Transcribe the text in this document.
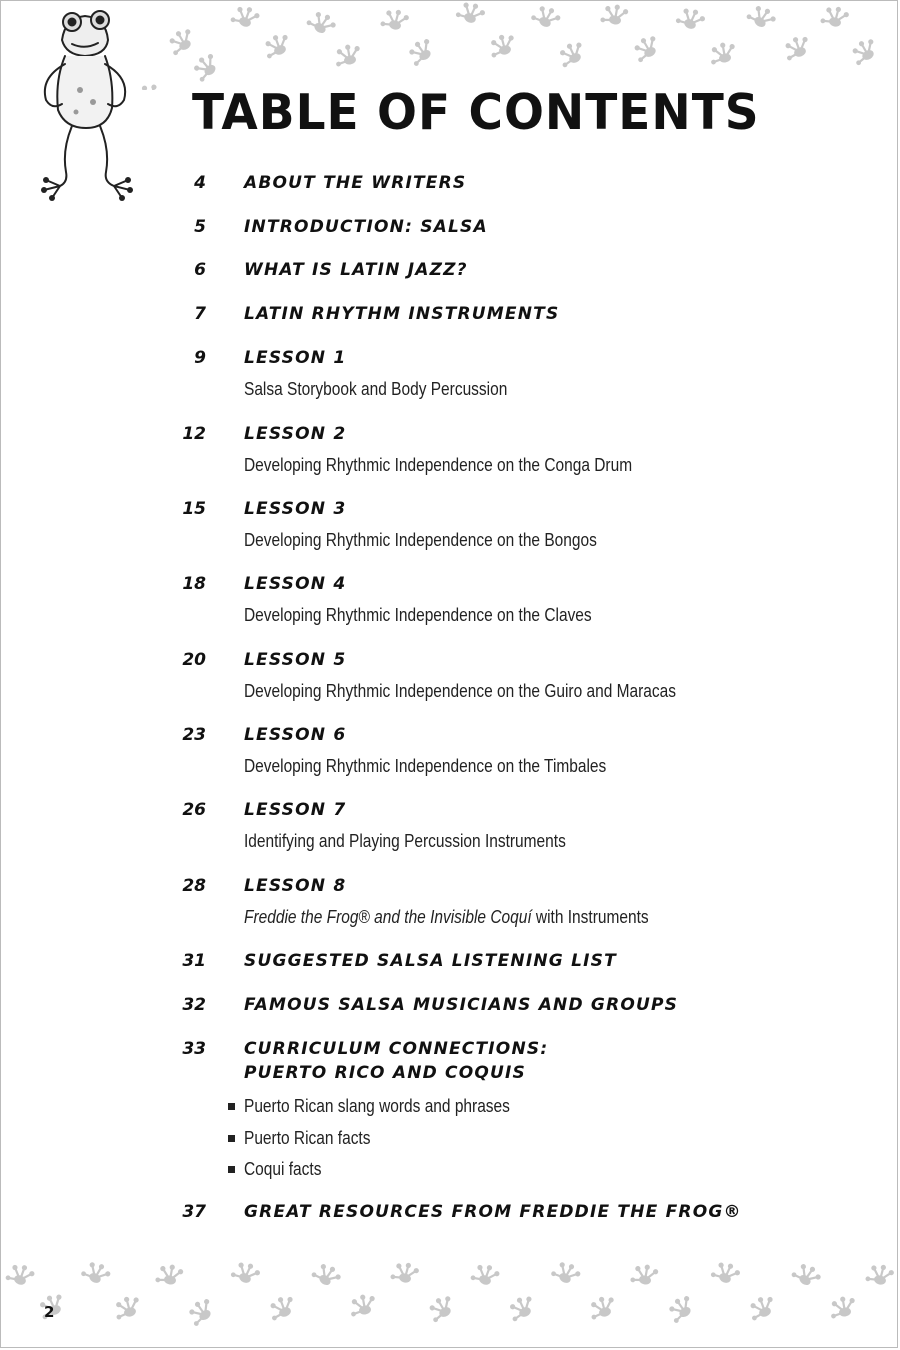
TABLE OF CONTENTS
4 ABOUT THE WRITERS
5 INTRODUCTION: SALSA
6 WHAT IS LATIN JAZZ?
7 LATIN RHYTHM INSTRUMENTS
9 LESSON 1
Salsa Storybook and Body Percussion
12 LESSON 2
Developing Rhythmic Independence on the Conga Drum
15 LESSON 3
Developing Rhythmic Independence on the Bongos
18 LESSON 4
Developing Rhythmic Independence on the Claves
20 LESSON 5
Developing Rhythmic Independence on the Guiro and Maracas
23 LESSON 6
Developing Rhythmic Independence on the Timbales
26 LESSON 7
Identifying and Playing Percussion Instruments
28 LESSON 8
Freddie the Frog® and the Invisible Coquí with Instruments
31 SUGGESTED SALSA LISTENING LIST
32 FAMOUS SALSA MUSICIANS AND GROUPS
33 CURRICULUM CONNECTIONS:
PUERTO RICO AND COQUIS
37 GREAT RESOURCES FROM FREDDIE THE FROG®
Puerto Rican slang words and phrases
Puerto Rican facts
Coqui facts
2
